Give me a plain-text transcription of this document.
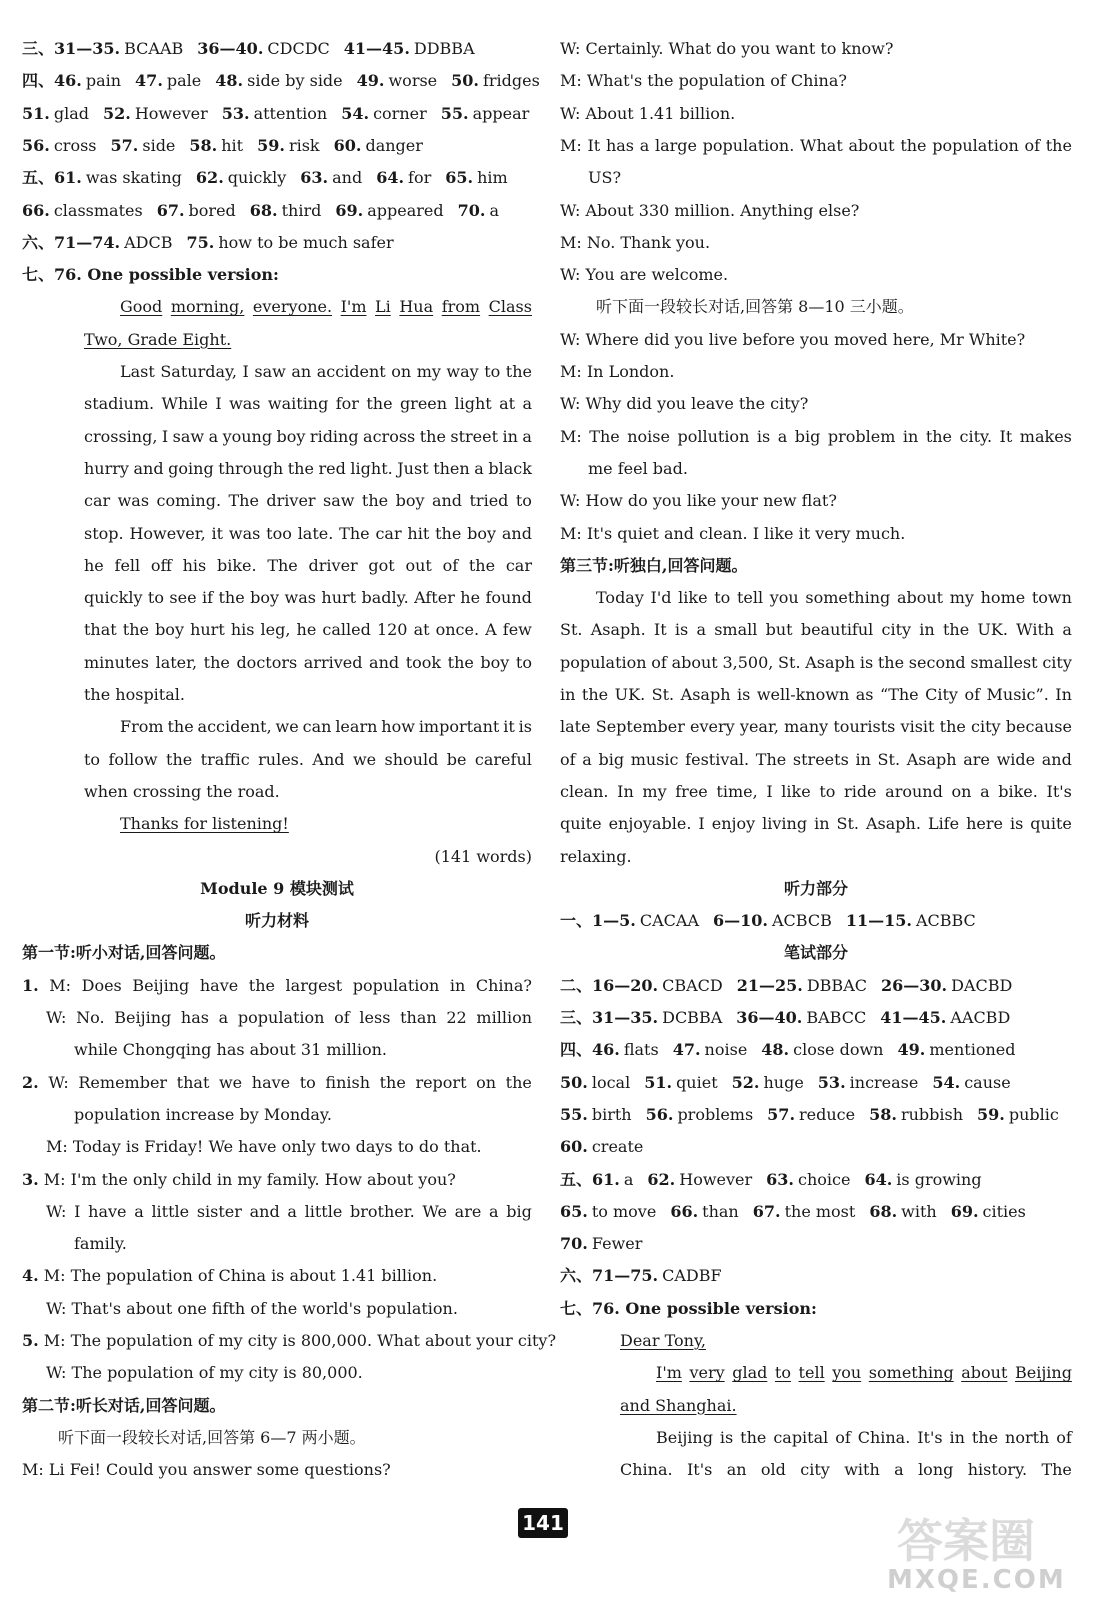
三、31—35. BCAAB 36—40. CDCDC 41—45. DDBBA
四、46. pain 47. pale 48. side by side 49. worse 50. fridges
51. glad 52. However 53. attention 54. corner 55. appear
56. cross 57. side 58. hit 59. risk 60. danger
五、61. was skating 62. quickly 63. and 64. for 65. him
66. classmates 67. bored 68. third 69. appeared 70. a
六、71—74. ADCB 75. how to be much safer
七、76. One possible version:
Good morning, everyone. I'm Li Hua from Class
Two, Grade Eight.
Last Saturday, I saw an accident on my way to the
stadium. While I was waiting for the green light at a
crossing, I saw a young boy riding across the street in a
hurry and going through the red light. Just then a black
car was coming. The driver saw the boy and tried to
stop. However, it was too late. The car hit the boy and
he fell off his bike. The driver got out of the car
quickly to see if the boy was hurt badly. After he found
that the boy hurt his leg, he called 120 at once. A few
minutes later, the doctors arrived and took the boy to
the hospital.
From the accident, we can learn how important it is
to follow the traffic rules. And we should be careful
when crossing the road.
Thanks for listening!
(141 words)
Module 9 模块测试
听力材料
第一节:听小对话,回答问题。
1. M: Does Beijing have the largest population in China?
W: No. Beijing has a population of less than 22 million
while Chongqing has about 31 million.
2. W: Remember that we have to finish the report on the
population increase by Monday.
M: Today is Friday! We have only two days to do that.
3. M: I'm the only child in my family. How about you?
W: I have a little sister and a little brother. We are a big
family.
4. M: The population of China is about 1.41 billion.
W: That's about one fifth of the world's population.
5. M: The population of my city is 800,000. What about your city?
W: The population of my city is 80,000.
第二节:听长对话,回答问题。
听下面一段较长对话,回答第 6—7 两小题。
M: Li Fei! Could you answer some questions?
W: Certainly. What do you want to know?
M: What's the population of China?
W: About 1.41 billion.
M: It has a large population. What about the population of the
US?
W: About 330 million. Anything else?
M: No. Thank you.
W: You are welcome.
听下面一段较长对话,回答第 8—10 三小题。
W: Where did you live before you moved here, Mr White?
M: In London.
W: Why did you leave the city?
M: The noise pollution is a big problem in the city. It makes
me feel bad.
W: How do you like your new flat?
M: It's quiet and clean. I like it very much.
第三节:听独白,回答问题。
Today I'd like to tell you something about my home town
St. Asaph. It is a small but beautiful city in the UK. With a
population of about 3,500, St. Asaph is the second smallest city
in the UK. St. Asaph is well-known as “The City of Music”. In
late September every year, many tourists visit the city because
of a big music festival. The streets in St. Asaph are wide and
clean. In my free time, I like to ride around on a bike. It's
quite enjoyable. I enjoy living in St. Asaph. Life here is quite
relaxing.
听力部分
一、1—5. CACAA 6—10. ACBCB 11—15. ACBBC
笔试部分
二、16—20. CBACD 21—25. DBBAC 26—30. DACBD
三、31—35. DCBBA 36—40. BABCC 41—45. AACBD
四、46. flats 47. noise 48. close down 49. mentioned
50. local 51. quiet 52. huge 53. increase 54. cause
55. birth 56. problems 57. reduce 58. rubbish 59. public
60. create
五、61. a 62. However 63. choice 64. is growing
65. to move 66. than 67. the most 68. with 69. cities
70. Fewer
六、71—75. CADBF
七、76. One possible version:
Dear Tony,
I'm very glad to tell you something about Beijing
and Shanghai.
Beijing is the capital of China. It's in the north of
China. It's an old city with a long history. The
141	答案圈
MXQE.COM
